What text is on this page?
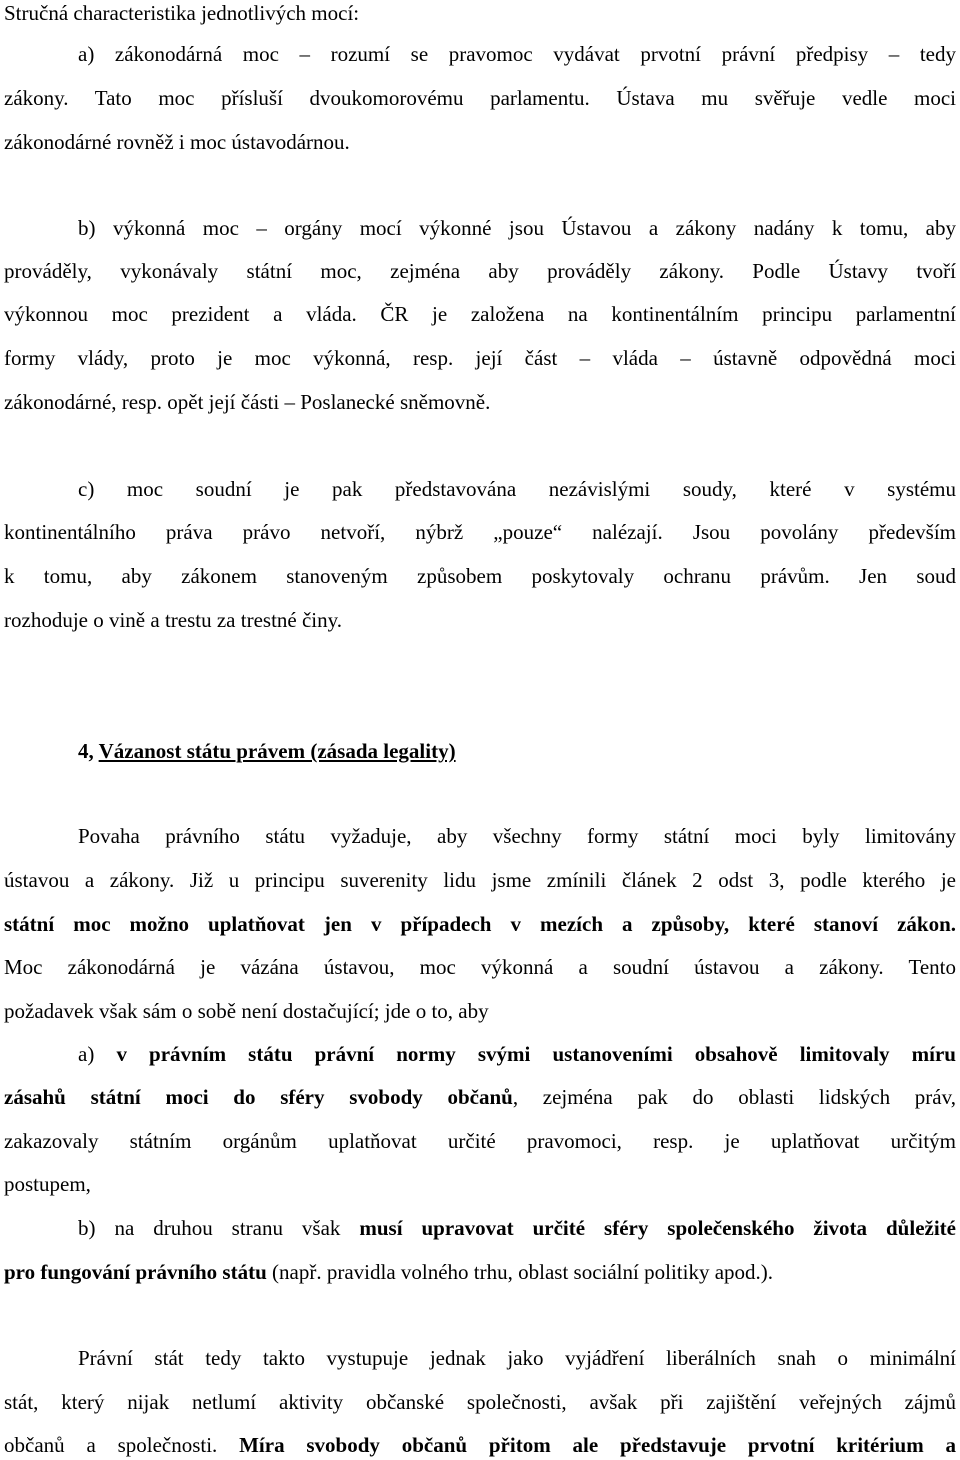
Stručná characteristika jednotlivých mocí:
a) zákonodárná moc – rozumí se pravomoc vydávat prvotní právní předpisy – tedy
zákony. Tato moc přísluší dvoukomorovému parlamentu. Ústava mu svěřuje vedle moci
zákonodárné rovněž i moc ústavodárnou.
b) výkonná moc – orgány mocí výkonné jsou Ústavou a zákony nadány k tomu, aby
prováděly, vykonávaly státní moc, zejména aby prováděly zákony. Podle Ústavy tvoří
výkonnou moc prezident a vláda. ČR je založena na kontinentálním principu parlamentní
formy vlády, proto je moc výkonná, resp. její část – vláda – ústavně odpovědná moci
zákonodárné, resp. opět její části – Poslanecké sněmovně.
c) moc soudní je pak představována nezávislými soudy, které v systému
kontinentálního práva právo netvoří, nýbrž „pouze“ nalézají. Jsou povolány především
k tomu, aby zákonem stanoveným způsobem poskytovaly ochranu právům. Jen soud
rozhoduje o vině a trestu za trestné činy.
4, Vázanost státu právem (zásada legality)
Povaha právního státu vyžaduje, aby všechny formy státní moci byly limitovány
ústavou a zákony. Již u principu suverenity lidu jsme zmínili článek 2 odst 3, podle kterého je
státní moc možno uplatňovat jen v případech v mezích a způsoby, které stanoví zákon.
Moc zákonodárná je vázána ústavou, moc výkonná a soudní ústavou a zákony. Tento
požadavek však sám o sobě není dostačující; jde o to, aby
a) v právním státu právní normy svými ustanoveními obsahově limitovaly míru
zásahů státní moci do sféry svobody občanů, zejména pak do oblasti lidských práv,
zakazovaly státním orgánům uplatňovat určité pravomoci, resp. je uplatňovat určitým
postupem,
b) na druhou stranu však musí upravovat určité sféry společenského života důležité
pro fungování právního státu (např. pravidla volného trhu, oblast sociální politiky apod.).
Právní stát tedy takto vystupuje jednak jako vyjádření liberálních snah o minimální
stát, který nijak netlumí aktivity občanské společnosti, avšak při zajištění veřejných zájmů
občanů a společnosti. Míra svobody občanů přitom ale představuje prvotní kritérium a
